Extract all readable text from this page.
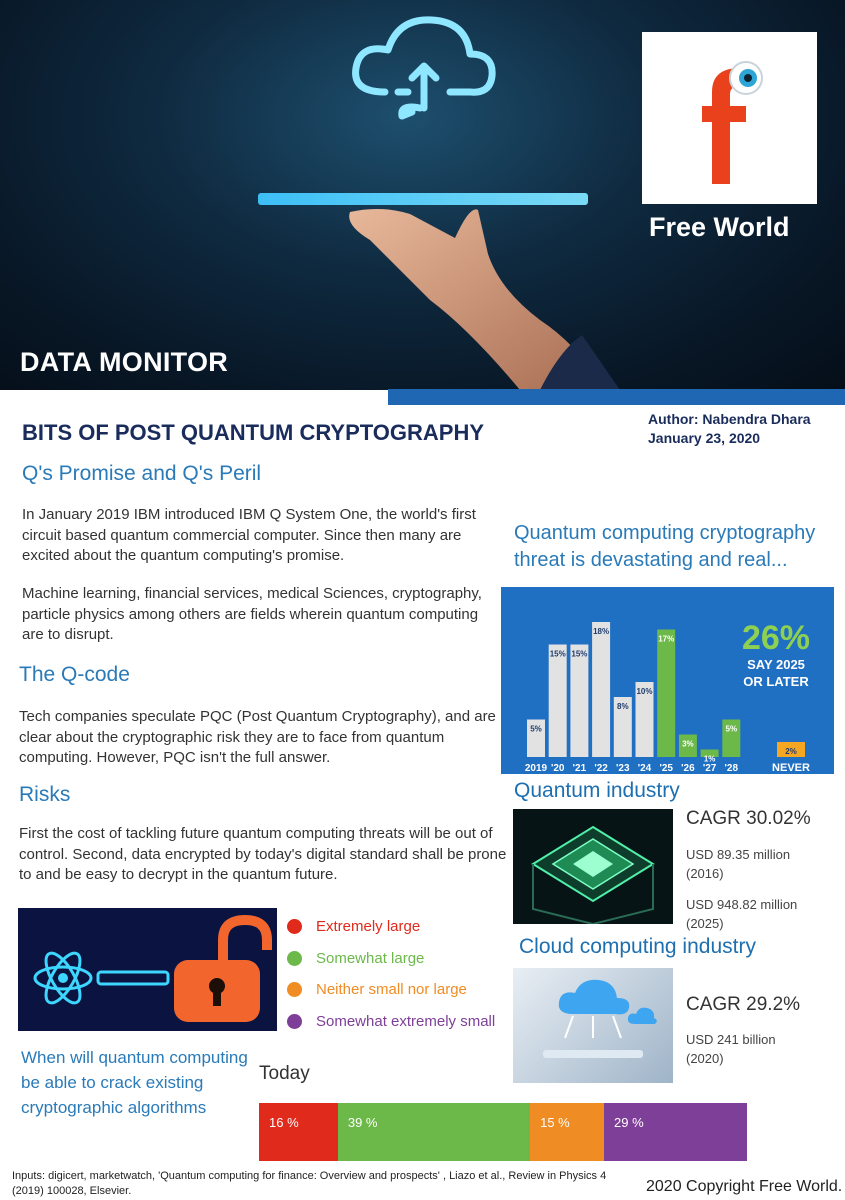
DATA MONITOR
Free World
BITS OF POST QUANTUM CRYPTOGRAPHY
Author: Nabendra Dhara
January 23, 2020
Q's Promise and Q's Peril
In January 2019 IBM introduced IBM Q System One, the world's first circuit based quantum commercial computer. Since then many are excited about the quantum computing's promise.
Machine learning, financial services, medical Sciences, cryptography, particle physics among others are fields wherein quantum computing are to disrupt.
The Q-code
Tech companies speculate PQC (Post Quantum Cryptography), and are clear about the cryptographic risk they are to face from quantum computing. However, PQC isn't the full answer.
Risks
First the cost of tackling future quantum computing threats will be out of control. Second, data encrypted by today's digital standard shall be prone to and be easy to decrypt in the quantum future.
Quantum computing cryptography threat is devastating and real...
26%
SAY 2025
OR LATER
5%
2019
15%
'20
15%
'21
18%
'22
8%
'23
10%
'24
17%
'25
3%
'26
1%
'27
5%
'28
2%
NEVER
Quantum industry
CAGR 30.02%
USD 89.35 million
(2016)
USD 948.82 million
(2025)
Cloud computing industry
CAGR 29.2%
USD 241 billion
(2020)
Extremely large
Somewhat large
Neither small nor large
Somewhat extremely small
When will quantum computing be able to crack existing cryptographic algorithms
Today
16 %	39 %	15 %	29 %
Inputs: digicert, marketwatch, 'Quantum computing for finance: Overview and prospects' , Liazo et al., Review in Physics 4 (2019) 100028, Elsevier.	2020 Copyright Free World.
